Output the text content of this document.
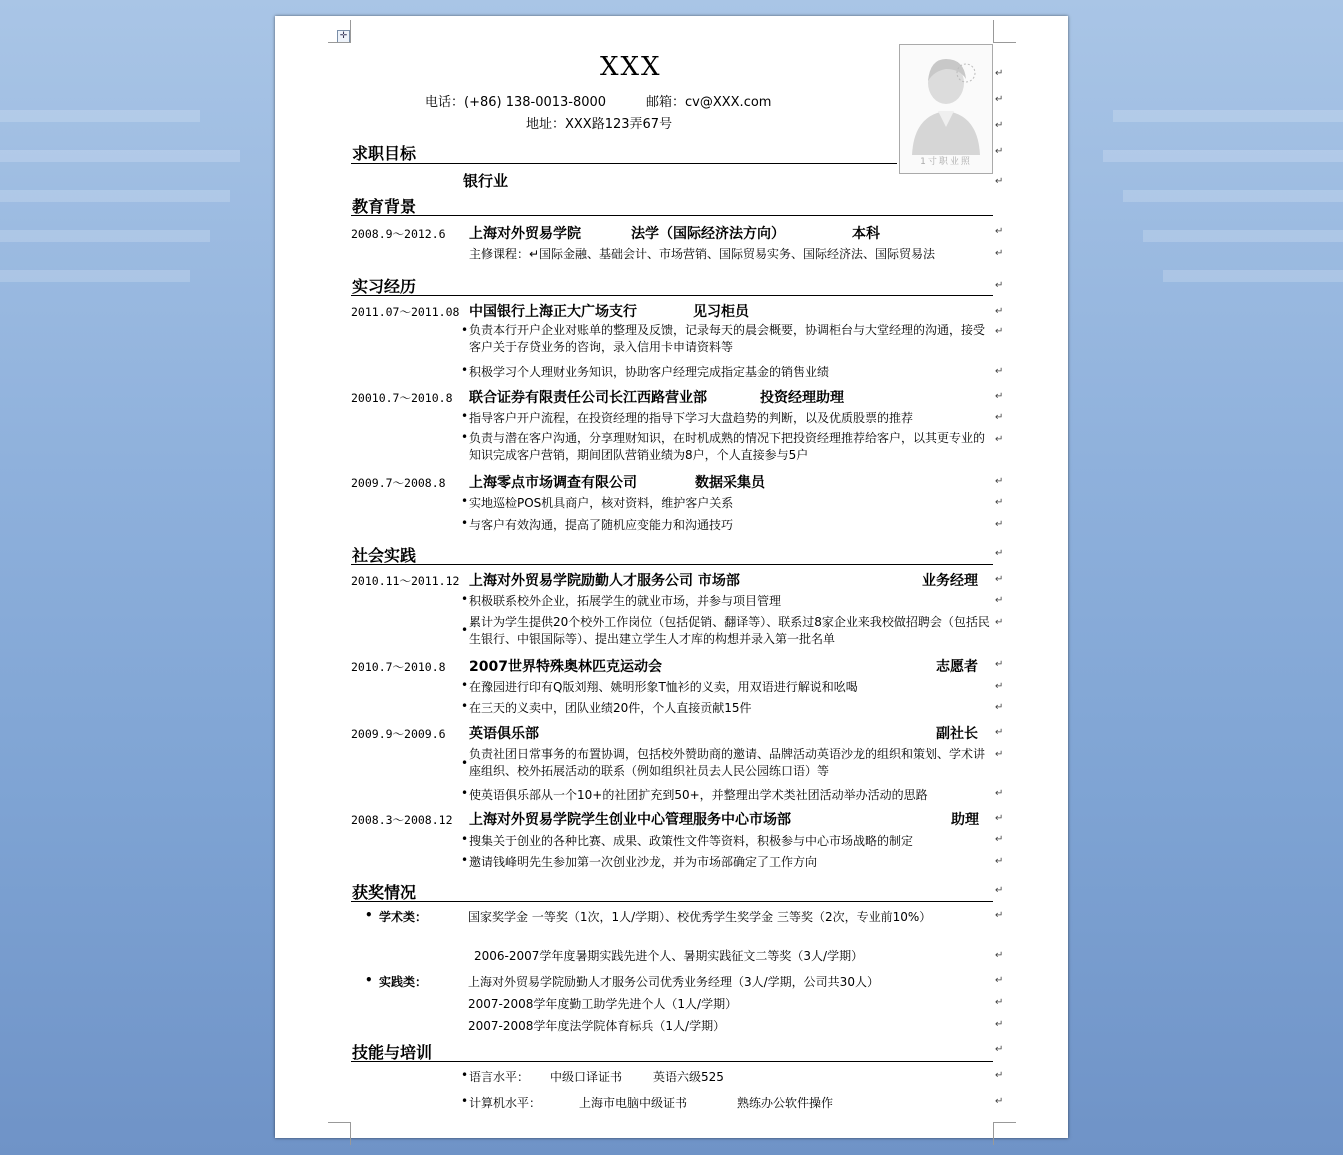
✛
XXX
电话：(+86) 138-0013-8000	邮箱：cv@XXX.com
地址：XXX路123弄67号
1寸职业照
求职目标
银行业
教育背景
2008.9～2012.6 上海对外贸易学院	法学（国际经济法方向）	本科
主修课程：↵国际金融、基础会计、市场营销、国际贸易实务、国际经济法、国际贸易法
实习经历
2011.07～2011.08 中国银行上海正大广场支行	见习柜员
• 负责本行开户企业对账单的整理及反馈，记录每天的晨会概要，协调柜台与大堂经理的沟通，接受客户关于存贷业务的咨询，录入信用卡申请资料等
• 积极学习个人理财业务知识，协助客户经理完成指定基金的销售业绩
20010.7～2010.8 联合证券有限责任公司长江西路营业部	投资经理助理
• 指导客户开户流程，在投资经理的指导下学习大盘趋势的判断，以及优质股票的推荐
• 负责与潜在客户沟通，分享理财知识，在时机成熟的情况下把投资经理推荐给客户，以其更专业的知识完成客户营销，期间团队营销业绩为8户，个人直接参与5户
2009.7～2008.8 上海零点市场调查有限公司	数据采集员
• 实地巡检POS机具商户，核对资料，维护客户关系
• 与客户有效沟通，提高了随机应变能力和沟通技巧
社会实践
2010.11～2011.12 上海对外贸易学院励勤人才服务公司 市场部	业务经理
• 积极联系校外企业，拓展学生的就业市场，并参与项目管理
•
累计为学生提供20个校外工作岗位（包括促销、翻译等）、联系过8家企业来我校做招聘会（包括民生银行、中银国际等）、提出建立学生人才库的构想并录入第一批名单
2010.7～2010.8 2007世界特殊奥林匹克运动会	志愿者
• 在豫园进行印有Q版刘翔、姚明形象T恤衫的义卖，用双语进行解说和吆喝
• 在三天的义卖中，团队业绩20件，个人直接贡献15件
2009.9～2009.6 英语俱乐部	副社长
•
负责社团日常事务的布置协调，包括校外赞助商的邀请、品牌活动英语沙龙的组织和策划、学术讲座组织、校外拓展活动的联系（例如组织社员去人民公园练口语）等
• 使英语俱乐部从一个10+的社团扩充到50+，并整理出学术类社团活动举办活动的思路
2008.3～2008.12 上海对外贸易学院学生创业中心管理服务中心市场部	助理
• 搜集关于创业的各种比赛、成果、政策性文件等资料，积极参与中心市场战略的制定
• 邀请钱峰明先生参加第一次创业沙龙，并为市场部确定了工作方向
获奖情况
• 学术类：	国家奖学金 一等奖（1次，1人/学期）、校优秀学生奖学金 三等奖（2次，专业前10%）
2006-2007学年度暑期实践先进个人、暑期实践征文二等奖（3人/学期）
• 实践类：	上海对外贸易学院励勤人才服务公司优秀业务经理（3人/学期，公司共30人）
2007-2008学年度勤工助学先进个人（1人/学期）
2007-2008学年度法学院体育标兵（1人/学期）
技能与培训
• 语言水平： 中级口译证书	英语六级525
• 计算机水平：	上海市电脑中级证书	熟练办公软件操作
↵
↵
↵
↵
↵
↵
↵
↵
↵
↵
↵
↵
↵
↵
↵
↵
↵
↵
↵
↵
↵
↵
↵
↵
↵
↵
↵
↵
↵
↵
↵
↵
↵
↵
↵
↵
↵
↵
↵
